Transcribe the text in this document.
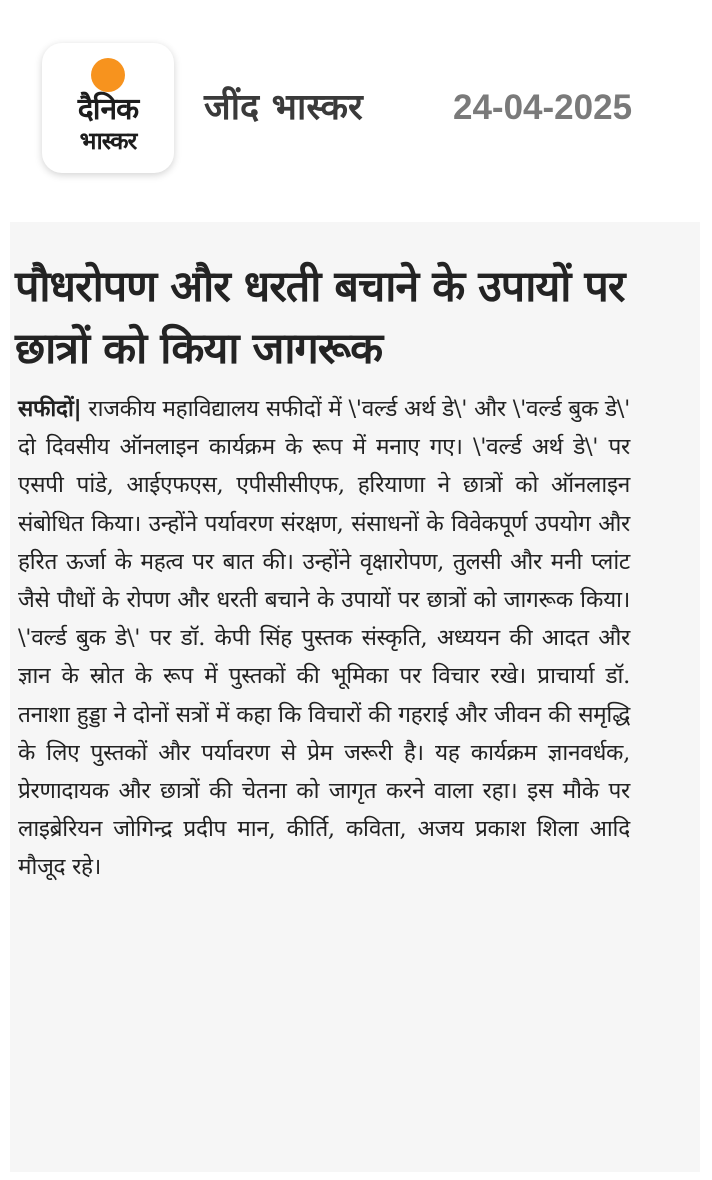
दैनिक
भास्कर
जींद भास्कर	24-04-2025
पौधरोपण और धरती बचाने के उपायों पर छात्रों को किया जागरूक

सफीदों| राजकीय महाविद्यालय सफीदों में \'वर्ल्ड अर्थ डे\' और \'वर्ल्ड बुक डे\' दो दिवसीय ऑनलाइन कार्यक्रम के रूप में मनाए गए। \'वर्ल्ड अर्थ डे\' पर एसपी पांडे, आईएफएस, एपीसीसीएफ, हरियाणा ने छात्रों को ऑनलाइन संबोधित किया। उन्होंने पर्यावरण संरक्षण, संसाधनों के विवेकपूर्ण उपयोग और हरित ऊर्जा के महत्व पर बात की। उन्होंने वृक्षारोपण, तुलसी और मनी प्लांट जैसे पौधों के रोपण और धरती बचाने के उपायों पर छात्रों को जागरूक किया। \'वर्ल्ड बुक डे\' पर डॉ. केपी सिंह पुस्तक संस्कृति, अध्ययन की आदत और ज्ञान के स्रोत के रूप में पुस्तकों की भूमिका पर विचार रखे। प्राचार्या डॉ. तनाशा हुड्डा ने दोनों सत्रों में कहा कि विचारों की गहराई और जीवन की समृद्धि के लिए पुस्तकों और पर्यावरण से प्रेम जरूरी है। यह कार्यक्रम ज्ञानवर्धक, प्रेरणादायक और छात्रों की चेतना को जागृत करने वाला रहा। इस मौके पर लाइब्रेरियन जोगिन्द्र प्रदीप मान, कीर्ति, कविता, अजय प्रकाश शिला आदि मौजूद रहे।
